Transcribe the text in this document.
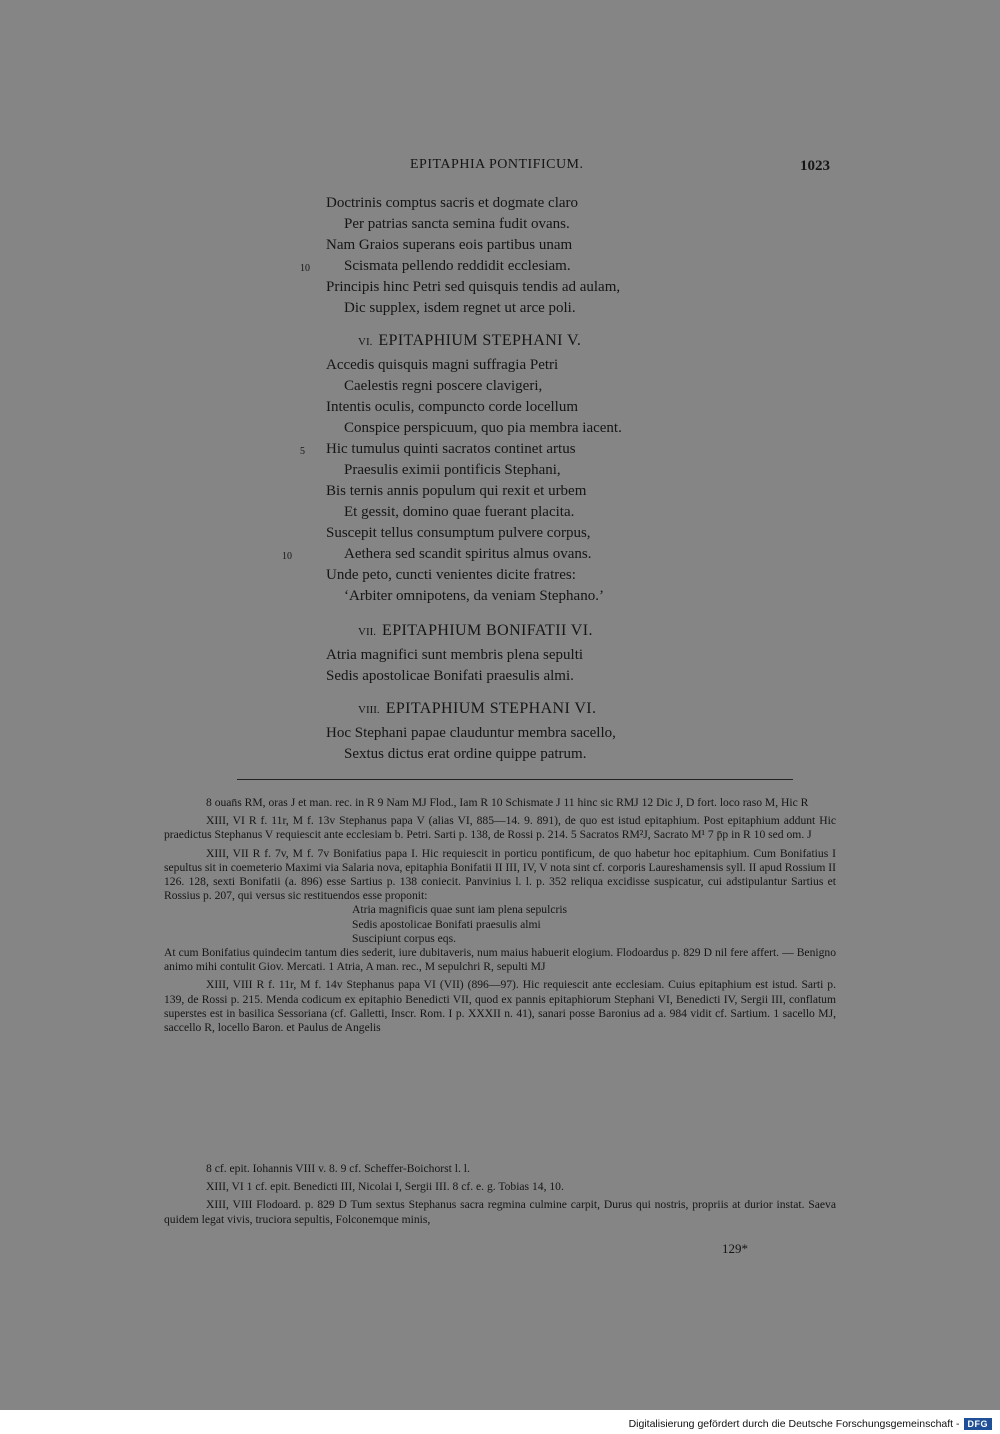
EPITAPHIA PONTIFICUM.	1023
Doctrinis comptus sacris et dogmate claro
Per patrias sancta semina fudit ovans.
Nam Graios superans eois partibus unam
10 Scismata pellendo reddidit ecclesiam.
Principis hinc Petri sed quisquis tendis ad aulam,
Dic supplex, isdem regnet ut arce poli.
VI. EPITAPHIUM STEPHANI V.
Accedis quisquis magni suffragia Petri
Caelestis regni poscere clavigeri,
Intentis oculis, compuncto corde locellum
Conspice perspicuum, quo pia membra iacent.
5 Hic tumulus quinti sacratos continet artus
Praesulis eximii pontificis Stephani,
Bis ternis annis populum qui rexit et urbem
Et gessit, domino quae fuerant placita.
Suscepit tellus consumptum pulvere corpus,
10	Aethera sed scandit spiritus almus ovans.
Unde peto, cuncti venientes dicite fratres:
‘Arbiter omnipotens, da veniam Stephano.’
VII. EPITAPHIUM BONIFATII VI.
Atria magnifici sunt membris plena sepulti
Sedis apostolicae Bonifati praesulis almi.
VIII. EPITAPHIUM STEPHANI VI.
Hoc Stephani papae clauduntur membra sacello,
Sextus dictus erat ordine quippe patrum.

8 ouan̄s RM, oras J et man. rec. in R 9 Nam MJ Flod., Iam R 10 Schismate J 11 hinc sic RMJ 12 Dic J, D fort. loco raso M, Hic R

XIII, VI R f. 11r, M f. 13v Stephanus papa V (alias VI, 885—14. 9. 891), de quo est istud epitaphium. Post epitaphium addunt Hic praedictus Stephanus V requiescit ante ecclesiam b. Petri. Sarti p. 138, de Rossi p. 214. 5 Sacratos RM²J, Sacrato M¹ 7 p̄p in R 10 sed om. J

XIII, VII R f. 7v, M f. 7v Bonifatius papa I. Hic requiescit in porticu pontificum, de quo habetur hoc epitaphium. Cum Bonifatius I sepultus sit in coemeterio Maximi via Salaria nova, epitaphia Bonifatii II III, IV, V nota sint cf. corporis Laureshamensis syll. II apud Rossium II 126. 128, sexti Bonifatii (a. 896) esse Sartius p. 138 coniecit. Panvinius l. l. p. 352 reliqua excidisse suspicatur, cui adstipulantur Sartius et Rossius p. 207, qui versus sic restituendos esse proponit:

Atria magnificis quae sunt iam plena sepulcris
Sedis apostolicae Bonifati praesulis almi
Suscipiunt corpus eqs.

At cum Bonifatius quindecim tantum dies sederit, iure dubitaveris, num maius habuerit elogium. Flodoardus p. 829 D nil fere affert. — Benigno animo mihi contulit Giov. Mercati. 1 Atria, A man. rec., M sepulchri R, sepulti MJ

XIII, VIII R f. 11r, M f. 14v Stephanus papa VI (VII) (896—97). Hic requiescit ante ecclesiam. Cuius epitaphium est istud. Sarti p. 139, de Rossi p. 215. Menda codicum ex epitaphio Benedicti VII, quod ex pannis epitaphiorum Stephani VI, Benedicti IV, Sergii III, conflatum superstes est in basilica Sessoriana (cf. Galletti, Inscr. Rom. I p. XXXII n. 41), sanari posse Baronius ad a. 984 vidit cf. Sartium. 1 sacello MJ, saccello R, locello Baron. et Paulus de Angelis

8 cf. epit. Iohannis VIII v. 8. 9 cf. Scheffer-Boichorst l. l.

XIII, VI 1 cf. epit. Benedicti III, Nicolai I, Sergii III. 8 cf. e. g. Tobias 14, 10.

XIII, VIII Flodoard. p. 829 D Tum sextus Stephanus sacra regmina culmine carpit, Durus qui nostris, propriis at durior instat. Saeva quidem legat vivis, truciora sepultis, Folconemque minis,

129*
Digitalisierung gefördert durch die Deutsche Forschungsgemeinschaft - DFG
